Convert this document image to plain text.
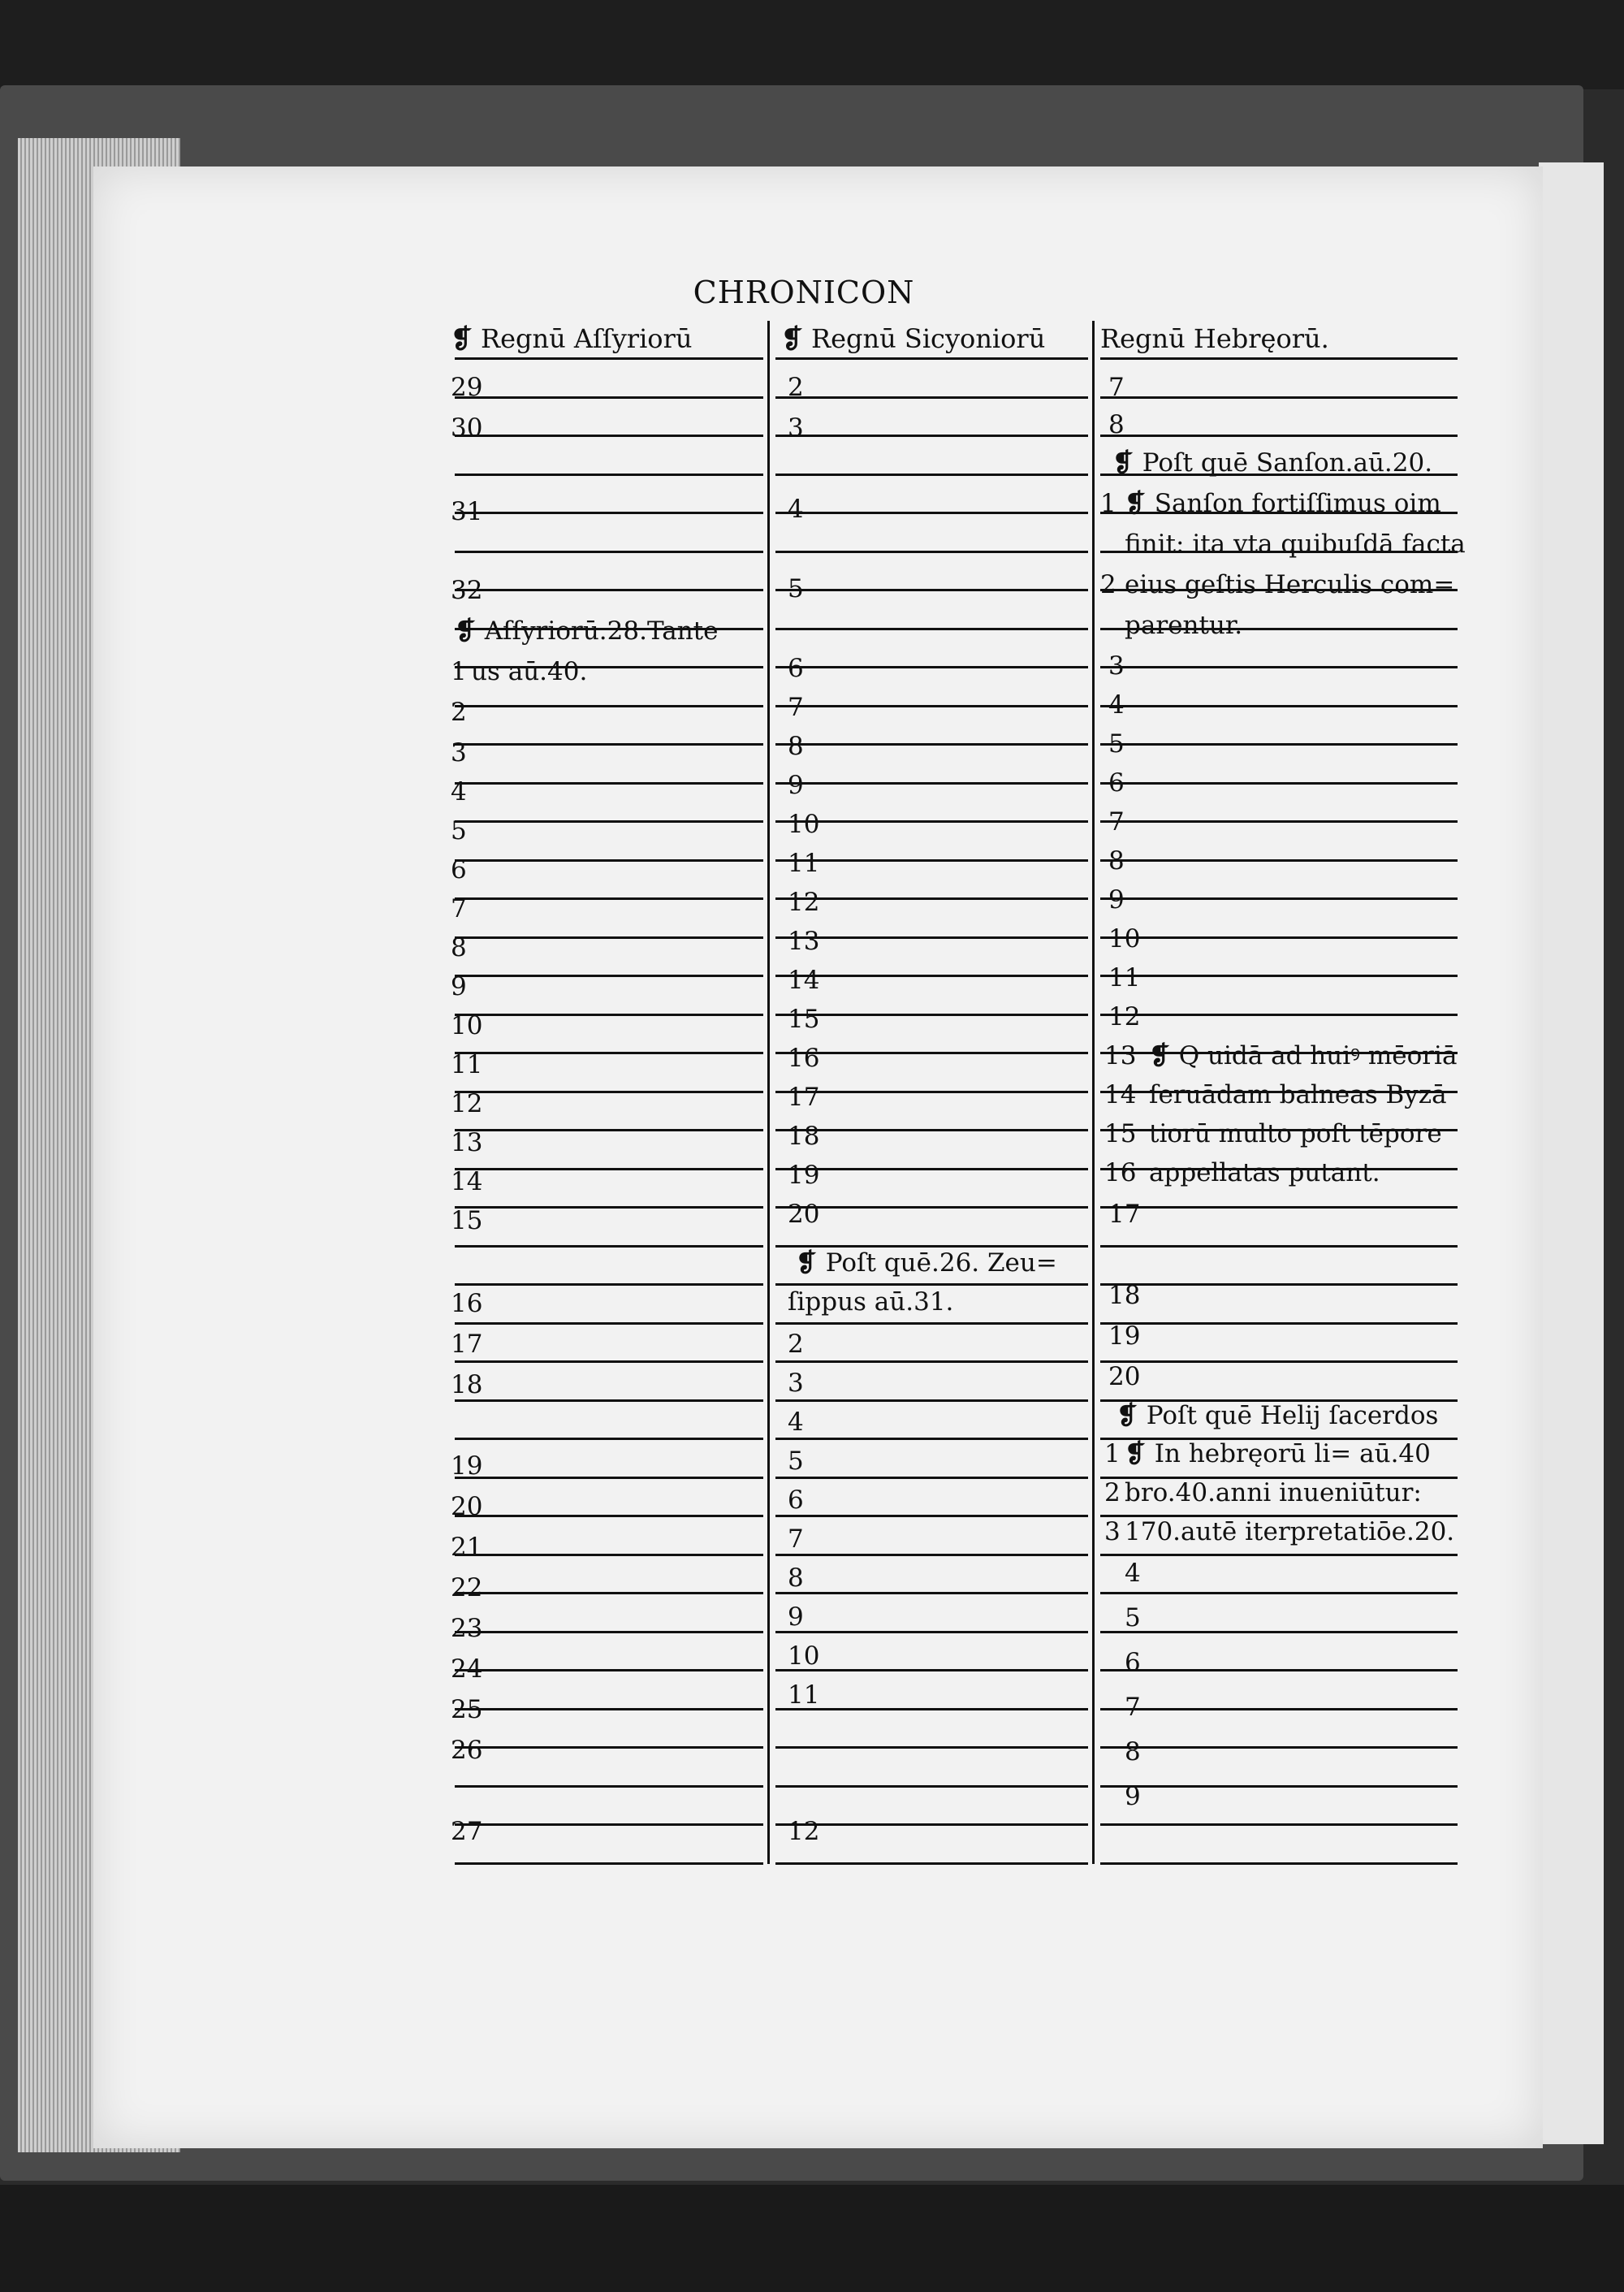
CHRONICON
❡ Regnū Aſſyriorū	❡ Regnū Sicyoniorū Regnū Hebręorū.
29
30
31
32
❡ Aſſyriorū.28.Tante
us aū.40.
1
2
3
4
5
6
7
8
9
10
11
12
13
14
15
16
17
18
19
20
21
22
23
24
25
26
27
2
3
4
5
6
7
8
9
10
11
12
13
14
15
16
17
18
19
20
❡ Poſt quē.26. Zeu=
ſippus aū.31.
2
3
4
5
6
7
8
9
10
11
12
7
8
❡ Poſt quē Sanſon.aū.20.
1 ❡ Sanſon fortiſſimus oim
finit: ita vta quibuſdā facta
2 eius geſtis Herculis com=
parentur.
3
4
5
6
7
8
9
10
11
12
13 ❡ Q uidā ad huiꝰ mēoriā
14 ſeruādam balneas Byzā
15 tiorū multo poſt tēpore
16 appellatas putant.
17
18
19
20
❡ Poſt quē Helij ſacerdos
1 ❡ In hebręorū li= aū.40
2 bro.40.anni inueniūtur:
3 170.autē iterpretatiōe.20.
4
5
6
7
8
9
